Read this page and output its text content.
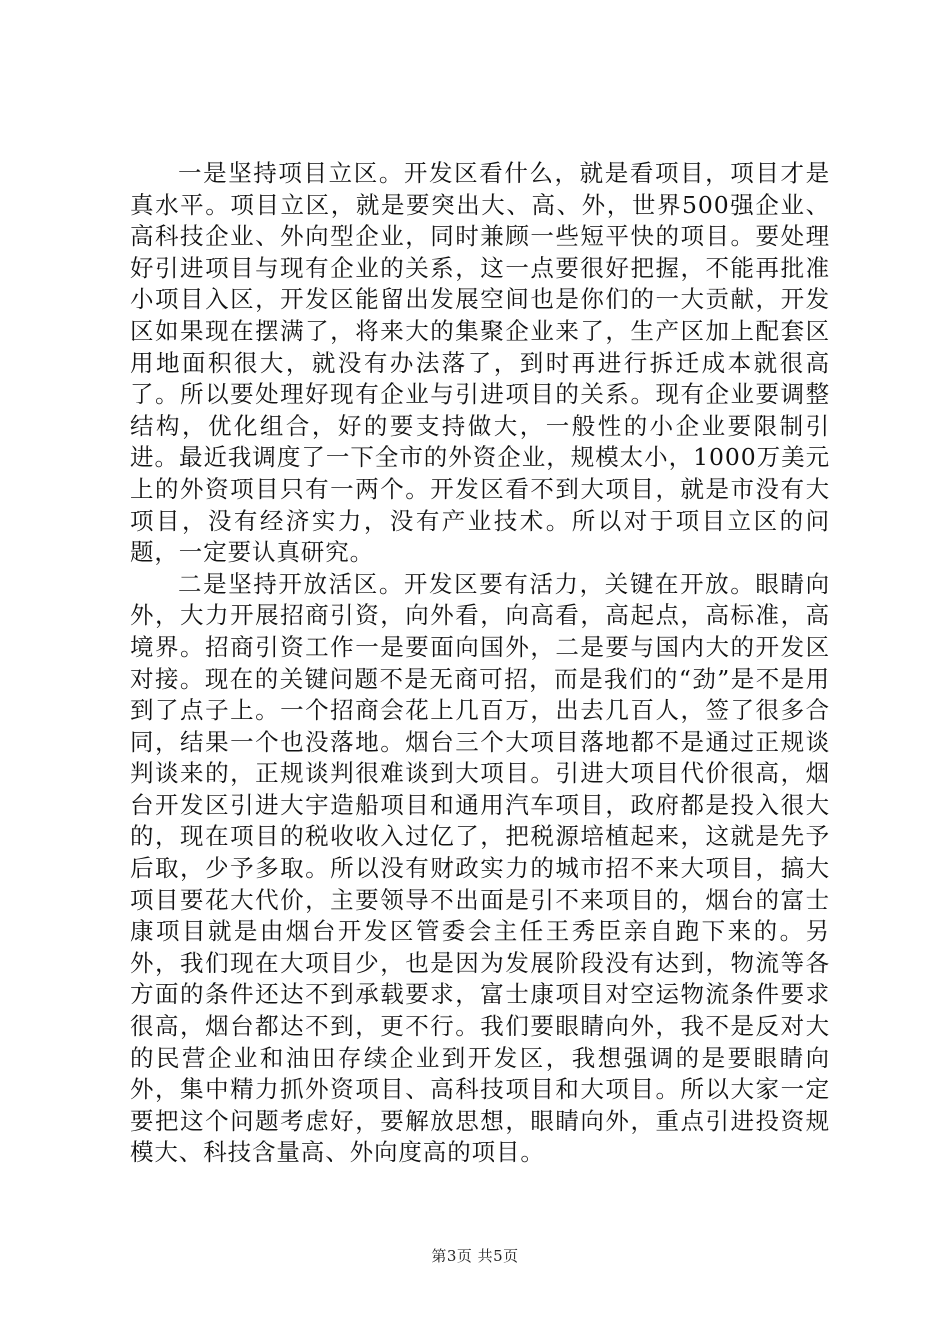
一是坚持项目立区。开发区看什么，就是看项目，项目才是真水平。项目立区，就是要突出大、高、外，世界500强企业、高科技企业、外向型企业，同时兼顾一些短平快的项目。要处理好引进项目与现有企业的关系，这一点要很好把握，不能再批准小项目入区，开发区能留出发展空间也是你们的一大贡献，开发区如果现在摆满了，将来大的集聚企业来了，生产区加上配套区用地面积很大，就没有办法落了，到时再进行拆迁成本就很高了。所以要处理好现有企业与引进项目的关系。现有企业要调整结构，优化组合，好的要支持做大，一般性的小企业要限制引进。最近我调度了一下全市的外资企业，规模太小，1000万美元上的外资项目只有一两个。开发区看不到大项目，就是市没有大项目，没有经济实力，没有产业技术。所以对于项目立区的问题，一定要认真研究。

二是坚持开放活区。开发区要有活力，关键在开放。眼睛向外，大力开展招商引资，向外看，向高看，高起点，高标准，高境界。招商引资工作一是要面向国外，二是要与国内大的开发区对接。现在的关键问题不是无商可招，而是我们的“劲”是不是用到了点子上。一个招商会花上几百万，出去几百人，签了很多合同，结果一个也没落地。烟台三个大项目落地都不是通过正规谈判谈来的，正规谈判很难谈到大项目。引进大项目代价很高，烟台开发区引进大宇造船项目和通用汽车项目，政府都是投入很大的，现在项目的税收收入过亿了，把税源培植起来，这就是先予后取，少予多取。所以没有财政实力的城市招不来大项目，搞大项目要花大代价，主要领导不出面是引不来项目的，烟台的富士康项目就是由烟台开发区管委会主任王秀臣亲自跑下来的。另外，我们现在大项目少，也是因为发展阶段没有达到，物流等各方面的条件还达不到承载要求，富士康项目对空运物流条件要求很高，烟台都达不到，更不行。我们要眼睛向外，我不是反对大的民营企业和油田存续企业到开发区，我想强调的是要眼睛向外，集中精力抓外资项目、高科技项目和大项目。所以大家一定要把这个问题考虑好，要解放思想，眼睛向外，重点引进投资规模大、科技含量高、外向度高的项目。

第3页 共5页
